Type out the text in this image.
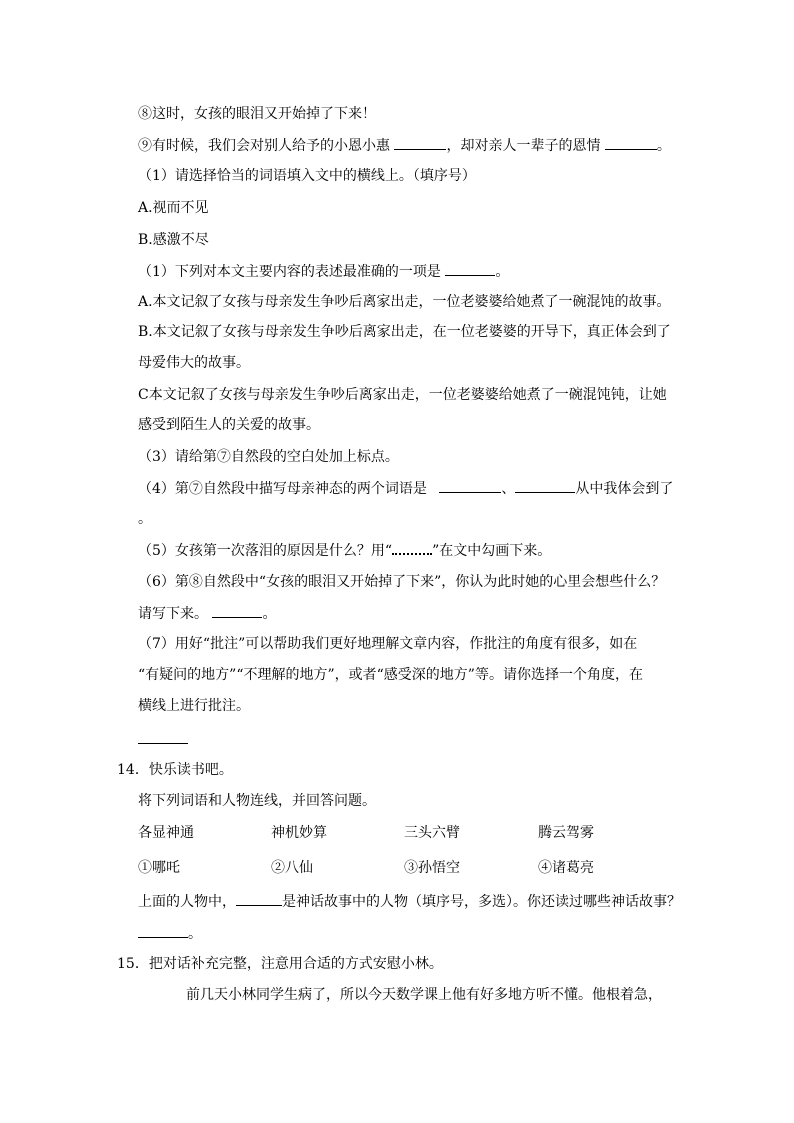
⑧这时，女孩的眼泪又开始掉了下来！
⑨有时候，我们会对别人给予的小恩小惠	，却对亲人一辈子的恩情	。
（1）请选择恰当的词语填入文中的横线上。（填序号）
A.视而不见
B.感激不尽
（1）下列对本文主要内容的表述最准确的一项是	。
A.本文记叙了女孩与母亲发生争吵后离家出走，一位老婆婆给她煮了一碗混饨的故事。
B.本文记叙了女孩与母亲发生争吵后离家出走，在一位老婆婆的开导下，真正体会到了
母爱伟大的故事。
C本文记叙了女孩与母亲发生争吵后离家出走，一位老婆婆给她煮了一碗混饨钝，让她
感受到陌生人的关爱的故事。
（3）请给第⑦自然段的空白处加上标点。
（4）第⑦自然段中描写母亲神态的两个词语是	、	从中我体会到了
。
（5）女孩第一次落泪的原因是什么？用“	”在文中勾画下来。
（6）第⑧自然段中“女孩的眼泪又开始掉了下来”，你认为此时她的心里会想些什么？
请写下来。	。
（7）用好“批注”可以帮助我们更好地理解文章内容，作批注的角度有很多，如在
“有疑问的地方”“不理解的地方”，或者“感受深的地方”等。请你选择一个角度，在
横线上进行批注。
14．快乐读书吧。
将下列词语和人物连线，并回答问题。
各显神通	神机妙算	三头六臂	腾云驾雾
①哪吒	②八仙	③孙悟空	④诸葛亮
上面的人物中，	是神话故事中的人物（填序号，多选）。你还读过哪些神话故事？
。
15．把对话补充完整，注意用合适的方式安慰小林。
前几天小林同学生病了，所以今天数学课上他有好多地方听不懂。他根着急，
